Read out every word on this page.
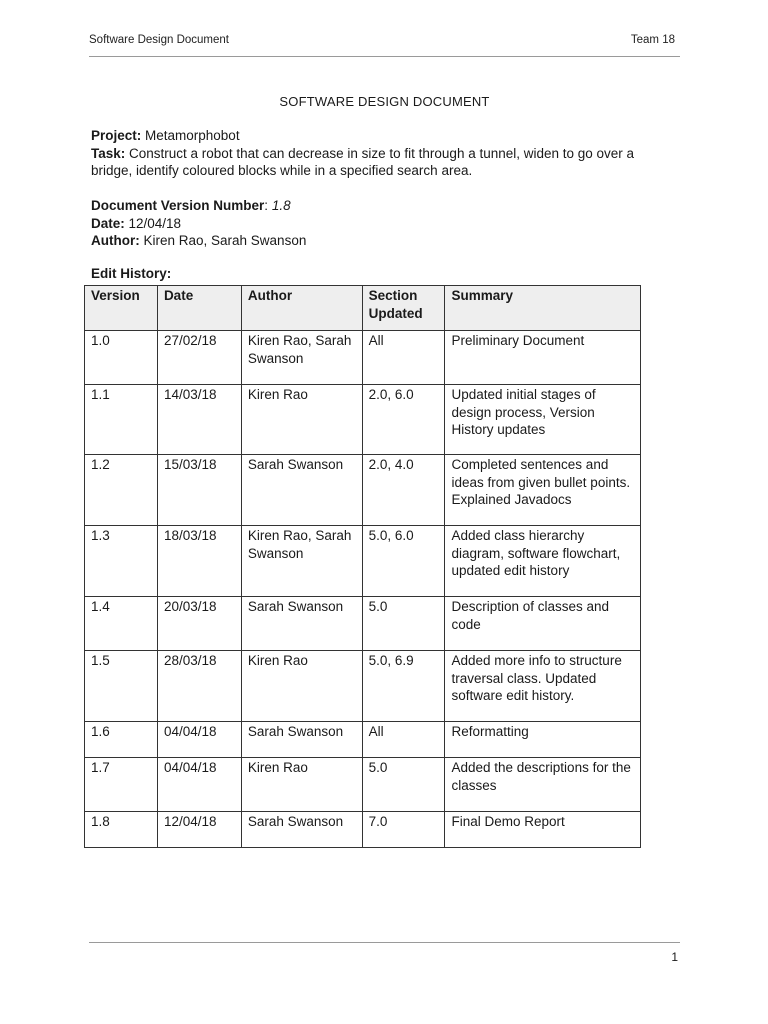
Software Design Document	Team 18
SOFTWARE DESIGN DOCUMENT
Project: Metamorphobot
Task: Construct a robot that can decrease in size to fit through a tunnel, widen to go over a bridge, identify coloured blocks while in a specified search area.
Document Version Number: 1.8
Date: 12/04/18
Author: Kiren Rao, Sarah Swanson
Edit History:
Version	Date	Author	Section Updated	Summary
1.0	27/02/18	Kiren Rao, Sarah Swanson	All	Preliminary Document
1.1	14/03/18	Kiren Rao	2.0, 6.0	Updated initial stages of design process, Version History updates
1.2	15/03/18	Sarah Swanson	2.0, 4.0	Completed sentences and ideas from given bullet points. Explained Javadocs
1.3	18/03/18	Kiren Rao, Sarah Swanson	5.0, 6.0	Added class hierarchy diagram, software flowchart, updated edit history
1.4	20/03/18	Sarah Swanson	5.0	Description of classes and code
1.5	28/03/18	Kiren Rao	5.0, 6.9	Added more info to structure traversal class. Updated software edit history.
1.6	04/04/18	Sarah Swanson	All	Reformatting
1.7	04/04/18	Kiren Rao	5.0	Added the descriptions for the classes
1.8	12/04/18	Sarah Swanson	7.0	Final Demo Report
1
